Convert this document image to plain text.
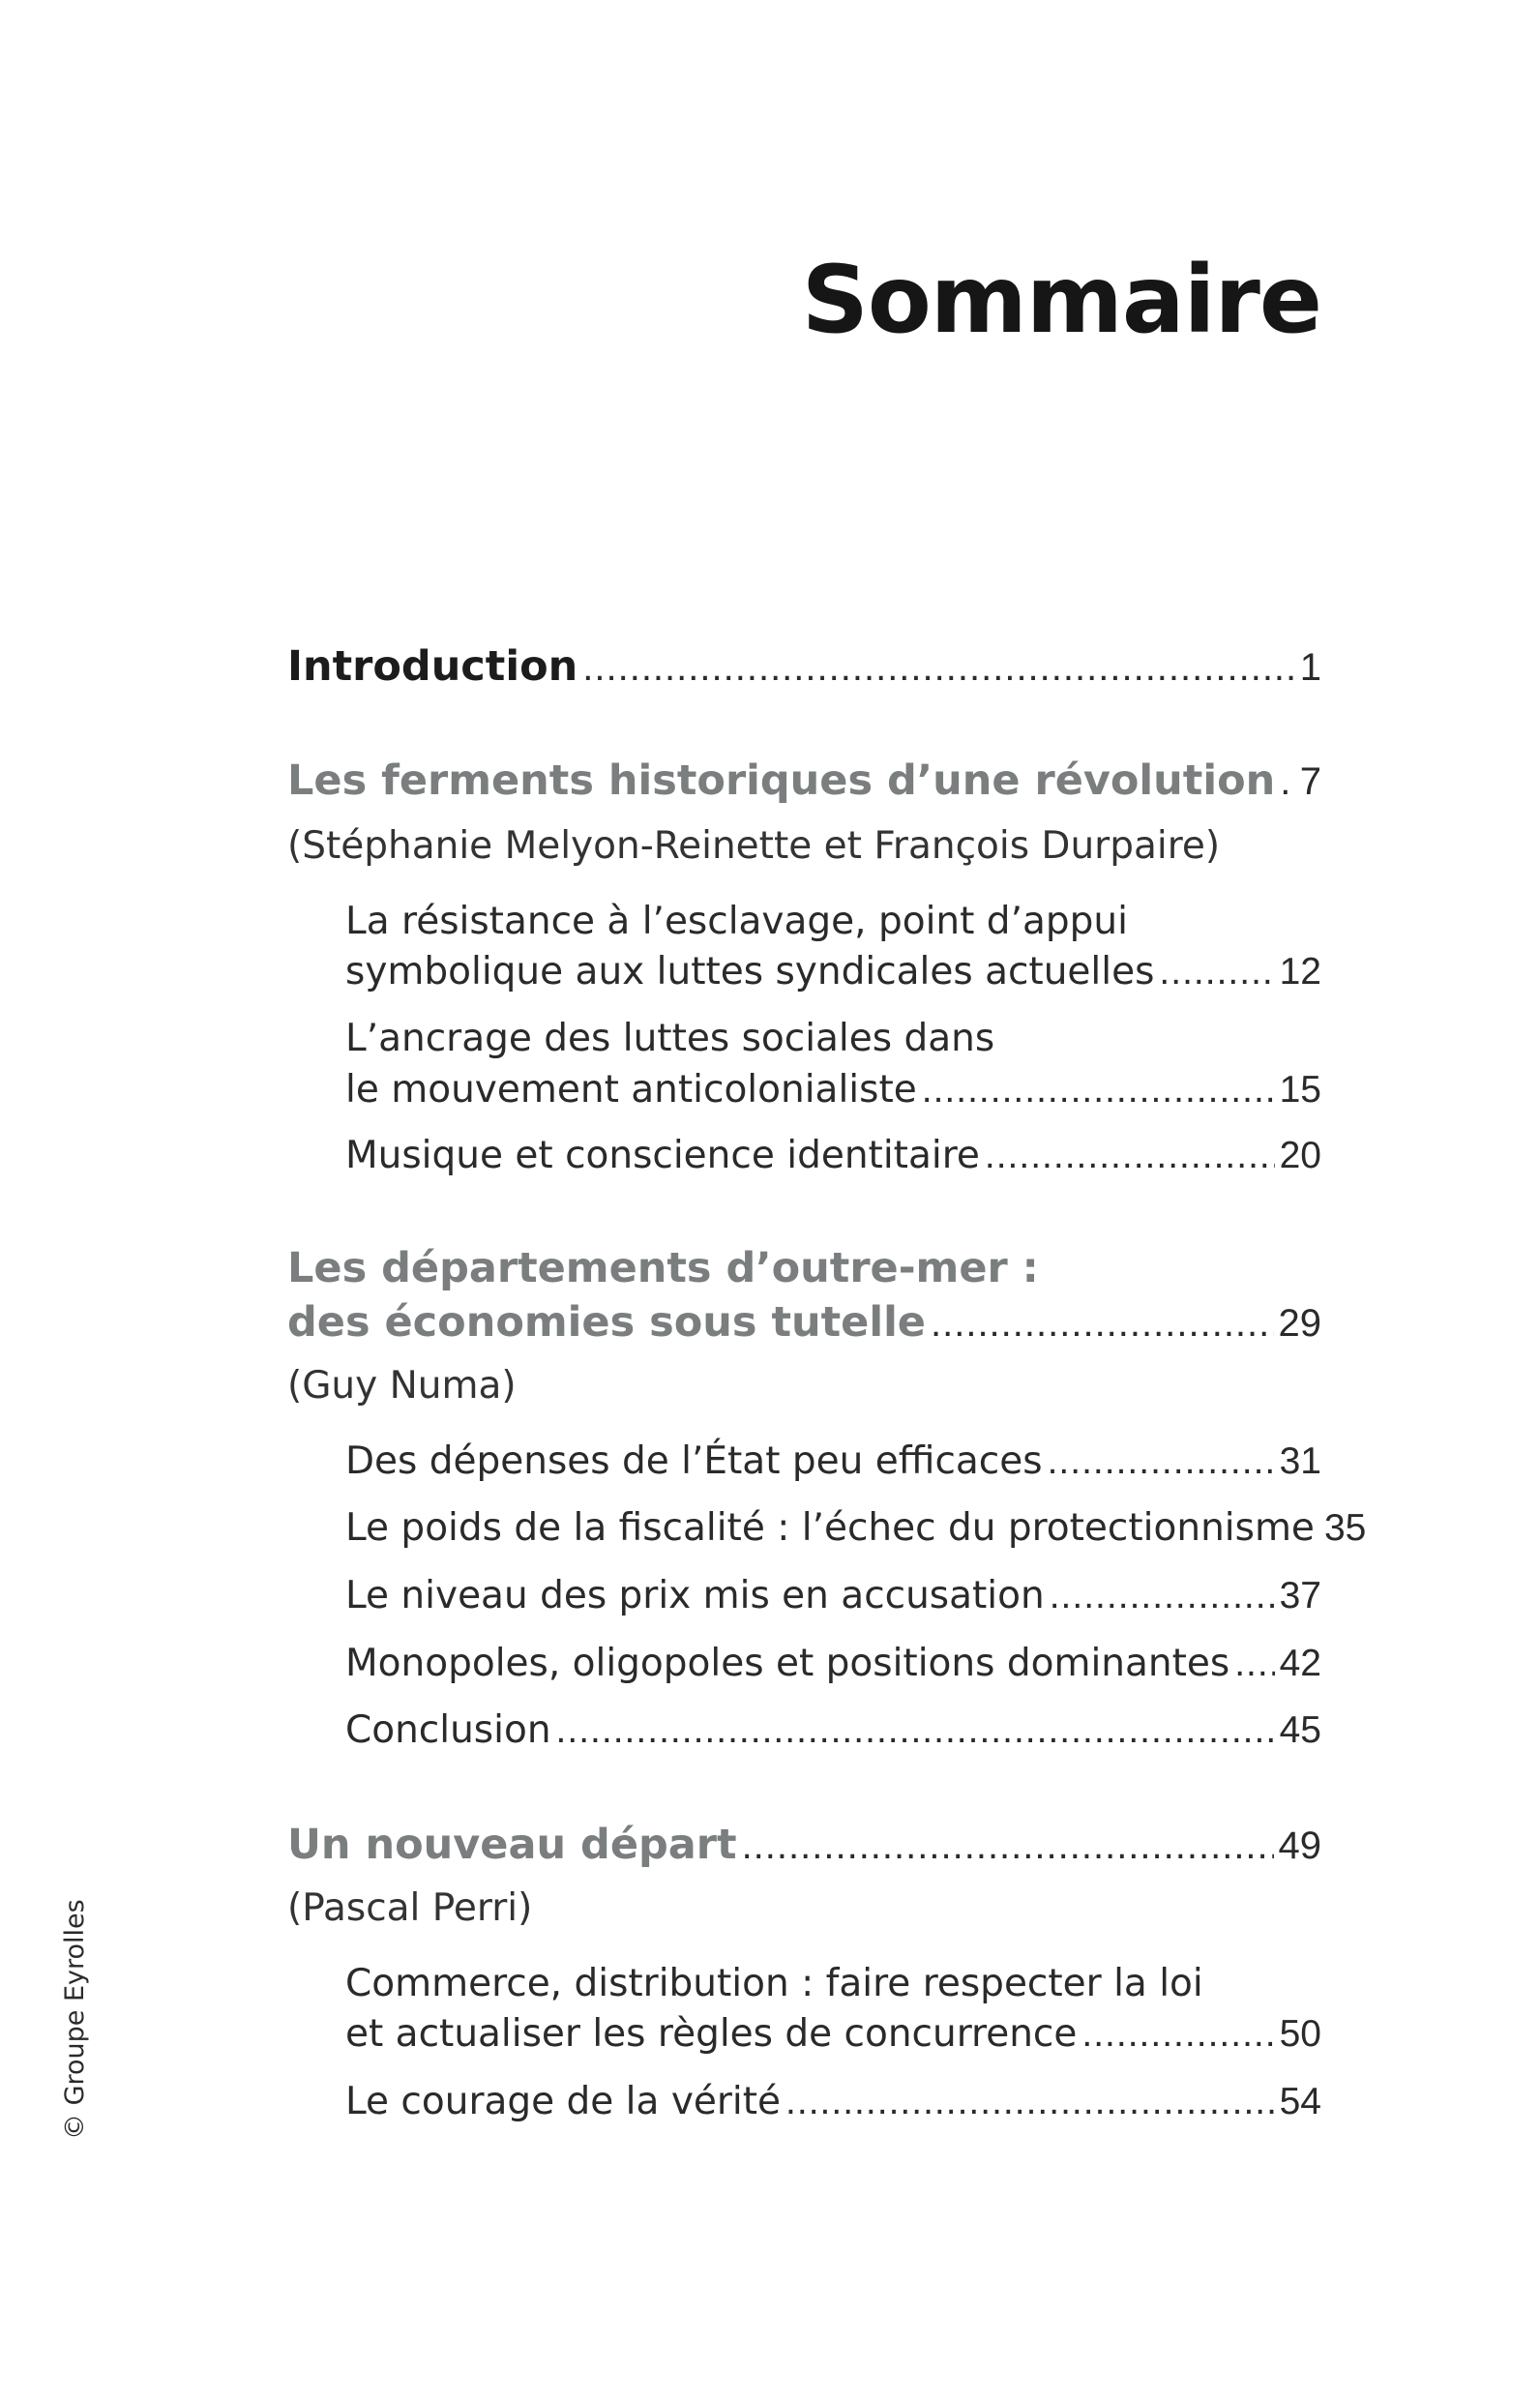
Sommaire
Introduction .....	1
Les ferments historiques d’une révolution ..... 7
(Stéphanie Melyon-Reinette et François Durpaire)
La résistance à l’esclavage, point d’appui
symbolique aux luttes syndicales actuelles .....	12
L’ancrage des luttes sociales dans
le mouvement anticolonialiste .....	15
Musique et conscience identitaire .....	20
Les départements d’outre-mer :
des économies sous tutelle .....	29
(Guy Numa)
Des dépenses de l’État peu efficaces .....	31
Le poids de la fiscalité : l’échec du protectionnisme 35
Le niveau des prix mis en accusation .....	37
Monopoles, oligopoles et positions dominantes ..... 42
Conclusion .....	45
Un nouveau départ .....	49
(Pascal Perri)
Commerce, distribution : faire respecter la loi
et actualiser les règles de concurrence .....	50
Le courage de la vérité .....	54
© Groupe Eyrolles
